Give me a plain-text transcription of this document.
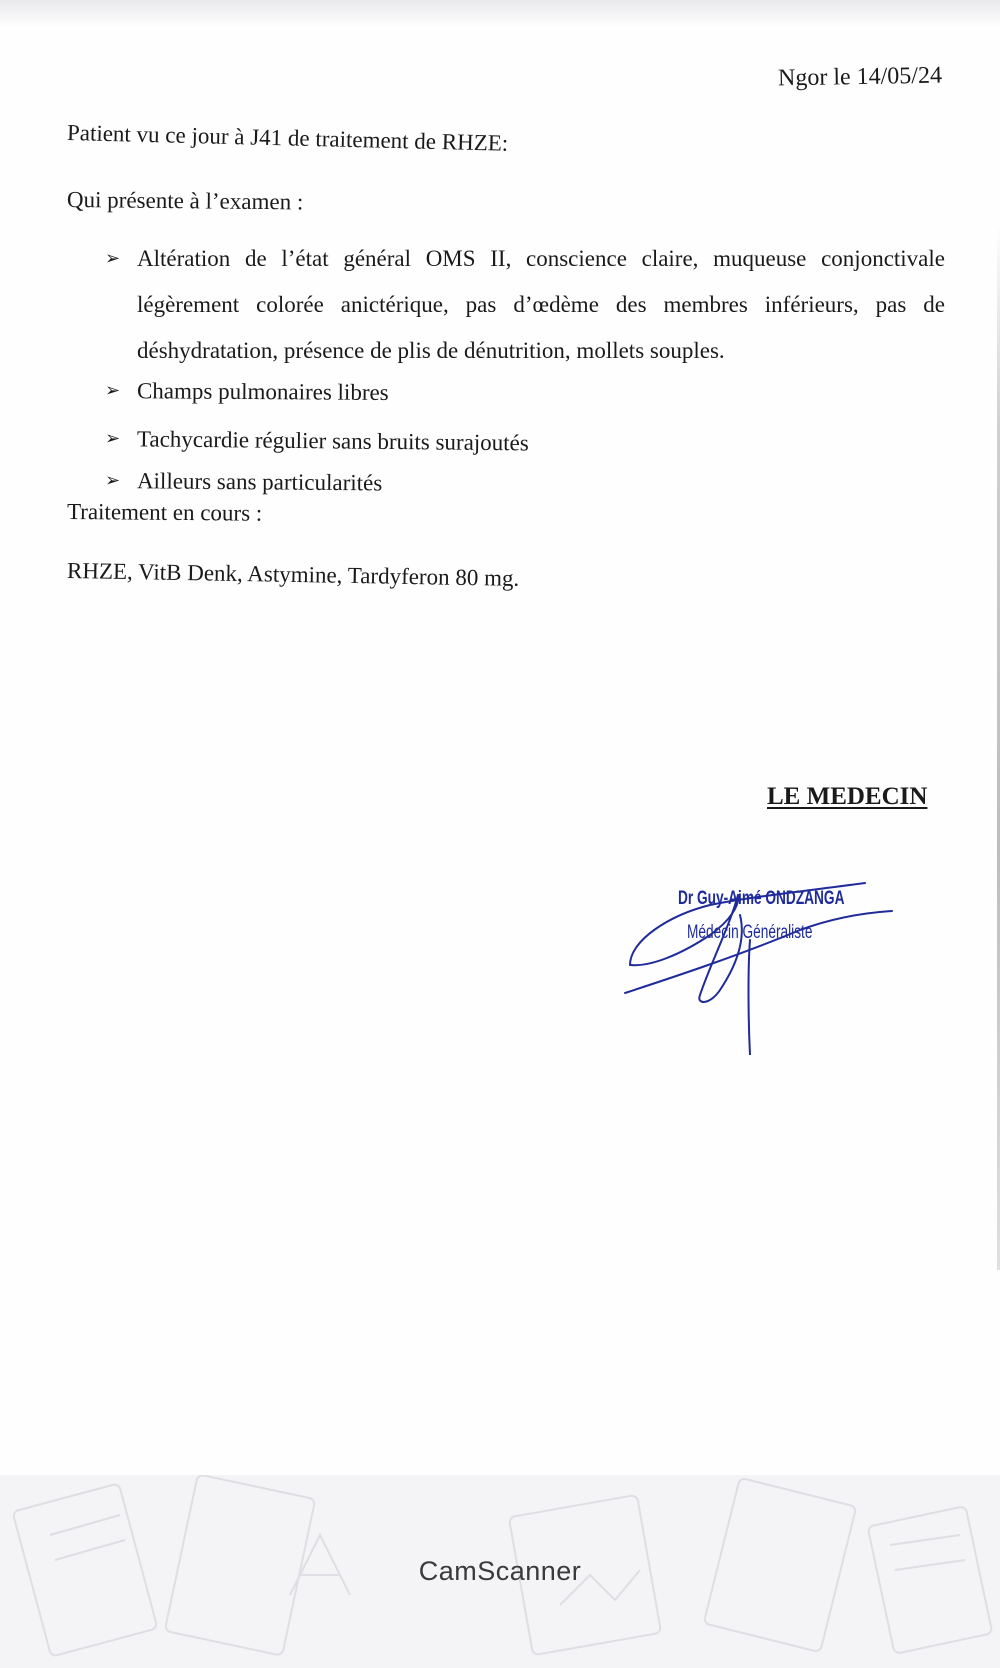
Ngor le 14/05/24
Patient vu ce jour à J41 de traitement de RHZE:
Qui présente à l’examen :
➢ Altération de l’état général OMS II, conscience claire, muqueuse conjonctivale légèrement colorée anictérique, pas d’œdème des membres inférieurs, pas de déshydratation, présence de plis de dénutrition, mollets souples.
➢ Champs pulmonaires libres
➢ Tachycardie régulier sans bruits surajoutés
➢ Ailleurs sans particularités
Traitement en cours :
RHZE, VitB Denk, Astymine, Tardyferon 80 mg.
LE MEDECIN
Dr Guy-Aimé ONDZANGA
Médecin Généraliste
CamScanner
